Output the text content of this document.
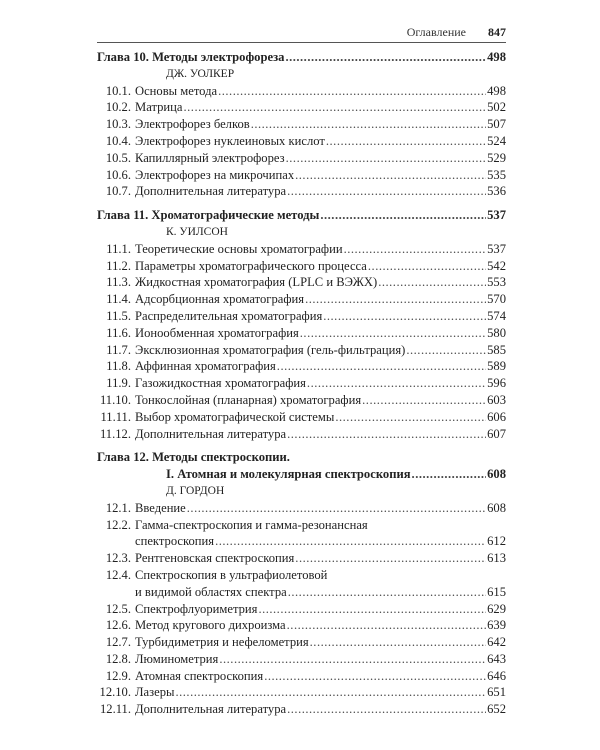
Оглавление 847
Глава 10. Методы электрофореза .....	498
ДЖ. УОЛКЕР
10.1. Основы метода .....	498
10.2. Матрица .....	502
10.3. Электрофорез белков .....	507
10.4. Электрофорез нуклеиновых кислот .....	524
10.5. Капиллярный электрофорез .....	529
10.6. Электрофорез на микрочипах .....	535
10.7. Дополнительная литература .....	536
Глава 11. Хроматографические методы .....	537
К. УИЛСОН
11.1. Теоретические основы хроматографии .....	537
11.2. Параметры хроматографического процесса .....	542
11.3. Жидкостная хроматография (LPLC и ВЭЖХ) .....	553
11.4. Адсорбционная хроматография .....	570
11.5. Распределительная хроматография .....	574
11.6. Ионообменная хроматография .....	580
11.7. Эксклюзионная хроматография (гель-фильтрация) .....	585
11.8. Аффинная хроматография .....	589
11.9. Газожидкостная хроматография .....	596
11.10. Тонкослойная (планарная) хроматография .....	603
11.11. Выбор хроматографической системы .....	606
11.12. Дополнительная литература .....	607
Глава 12. Методы спектроскопии.
I. Атомная и молекулярная спектроскопия .....	608
Д. ГОРДОН
12.1. Введение .....	608
12.2. Гамма-спектроскопия и гамма-резонансная
спектроскопия .....	612
12.3. Рентгеновская спектроскопия .....	613
12.4. Спектроскопия в ультрафиолетовой
и видимой областях спектра .....	615
12.5. Спектрофлуориметрия .....	629
12.6. Метод кругового дихроизма .....	639
12.7. Турбидиметрия и нефелометрия .....	642
12.8. Люминометрия .....	643
12.9. Атомная спектроскопия .....	646
12.10. Лазеры .....	651
12.11. Дополнительная литература .....	652
